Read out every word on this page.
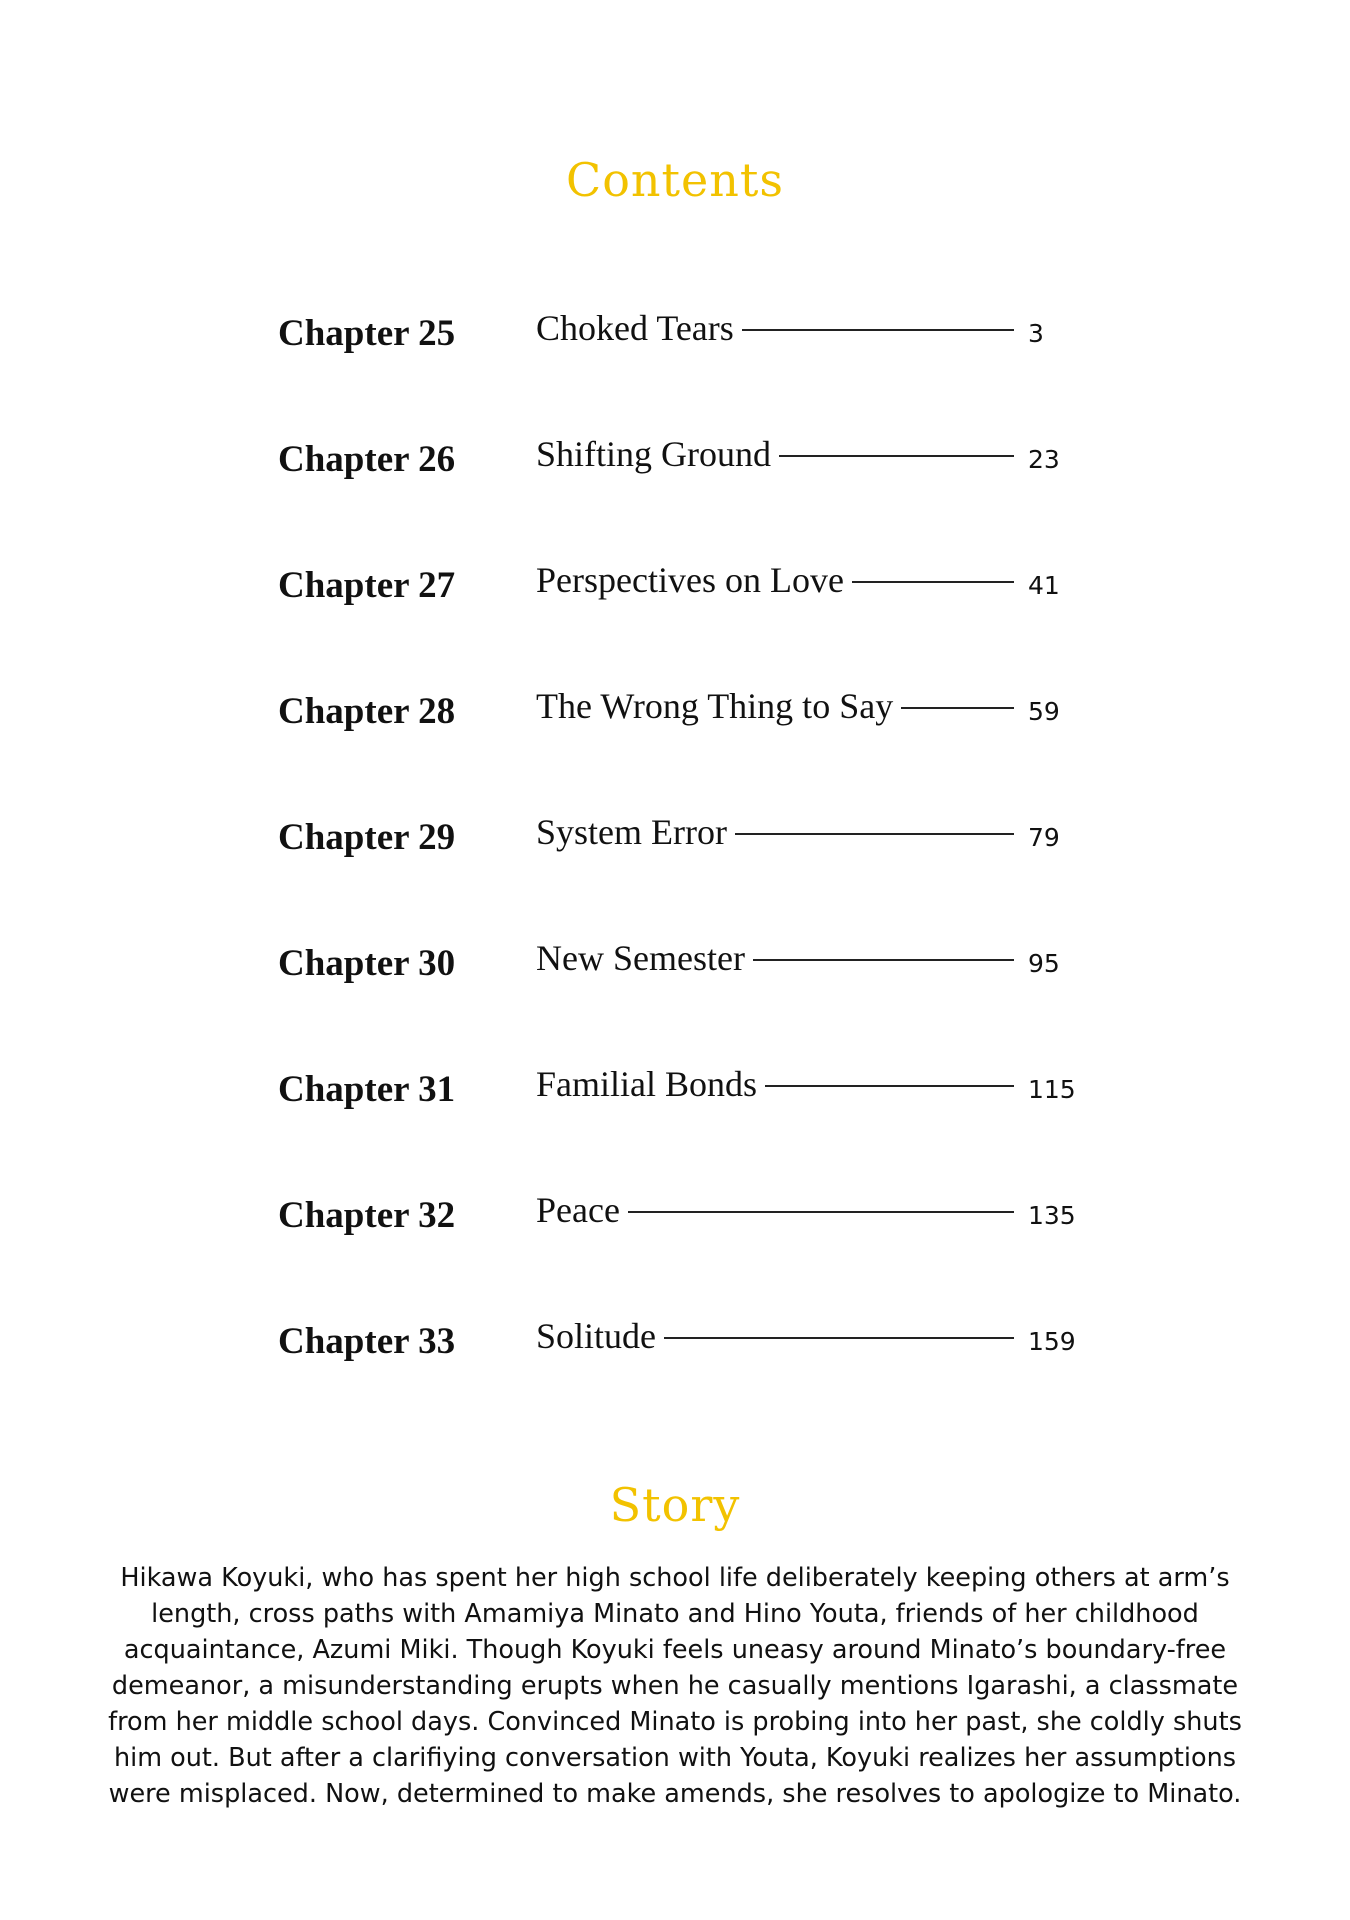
Contents
Chapter 25	Choked Tears	3
Chapter 26	Shifting Ground	23
Chapter 27	Perspectives on Love	41
Chapter 28	The Wrong Thing to Say	59
Chapter 29	System Error	79
Chapter 30	New Semester	95
Chapter 31	Familial Bonds	115
Chapter 32	Peace	135
Chapter 33	Solitude	159
Story

Hikawa Koyuki, who has spent her high school life deliberately keeping others at arm’s length, cross paths with Amamiya Minato and Hino Youta, friends of her childhood acquaintance, Azumi Miki. Though Koyuki feels uneasy around Minato’s boundary-free demeanor, a misunderstanding erupts when he casually mentions Igarashi, a classmate from her middle school days. Convinced Minato is probing into her past, she coldly shuts him out. But after a clarifiying conversation with Youta, Koyuki realizes her assumptions were misplaced. Now, determined to make amends, she resolves to apologize to Minato.
